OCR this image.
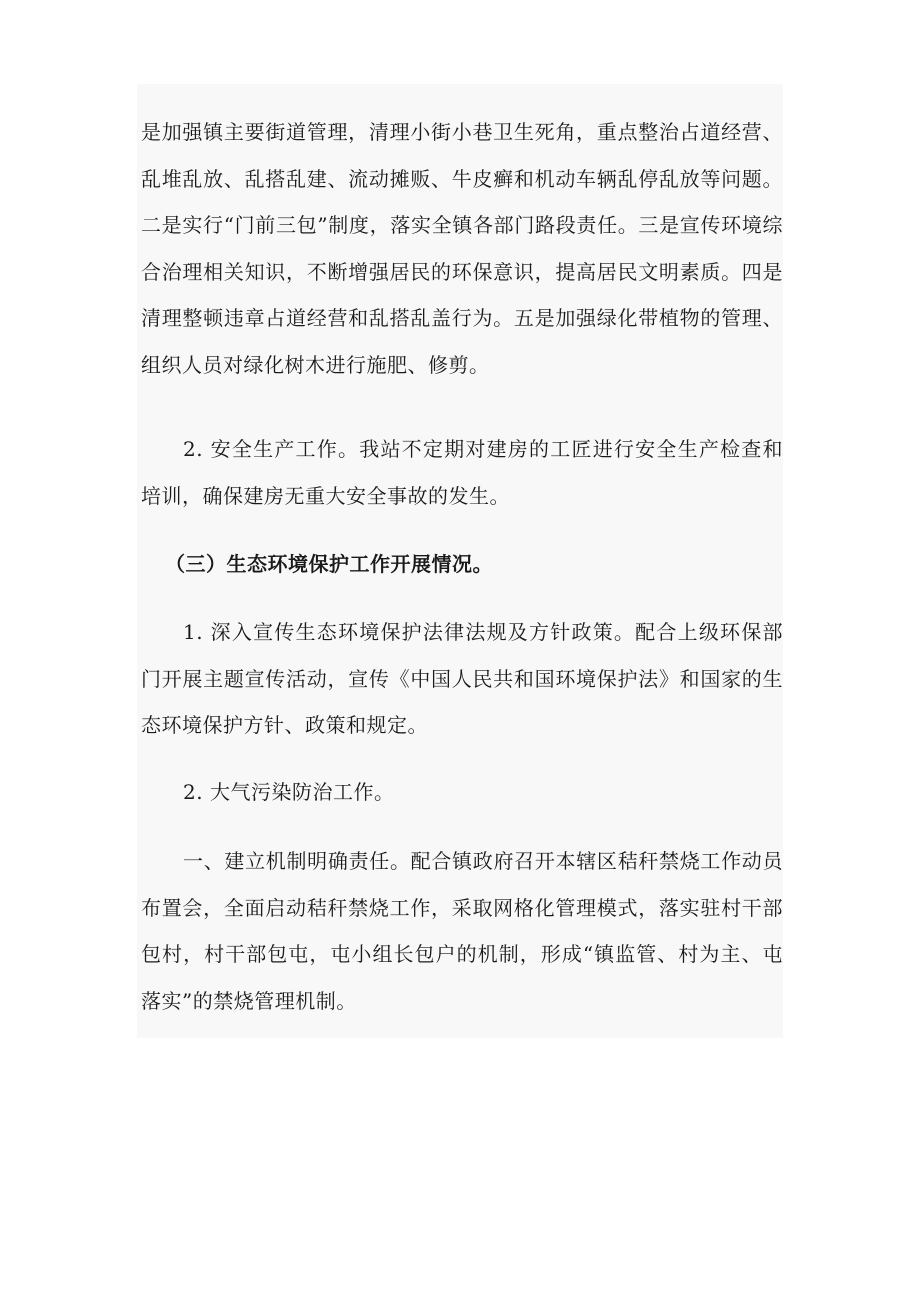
是加强镇主要街道管理，清理小街小巷卫生死角，重点整治占道经营、乱堆乱放、乱搭乱建、流动摊贩、牛皮癣和机动车辆乱停乱放等问题。二是实行“门前三包”制度，落实全镇各部门路段责任。三是宣传环境综合治理相关知识，不断增强居民的环保意识，提高居民文明素质。四是清理整顿违章占道经营和乱搭乱盖行为。五是加强绿化带植物的管理、组织人员对绿化树木进行施肥、修剪。

2. 安全生产工作。我站不定期对建房的工匠进行安全生产检查和培训，确保建房无重大安全事故的发生。

（三）生态环境保护工作开展情况。

1. 深入宣传生态环境保护法律法规及方针政策。配合上级环保部门开展主题宣传活动，宣传《中国人民共和国环境保护法》和国家的生态环境保护方针、政策和规定。

2. 大气污染防治工作。

一、建立机制明确责任。配合镇政府召开本辖区秸秆禁烧工作动员布置会，全面启动秸秆禁烧工作，采取网格化管理模式，落实驻村干部包村，村干部包屯，屯小组长包户的机制，形成“镇监管、村为主、屯落实”的禁烧管理机制。
